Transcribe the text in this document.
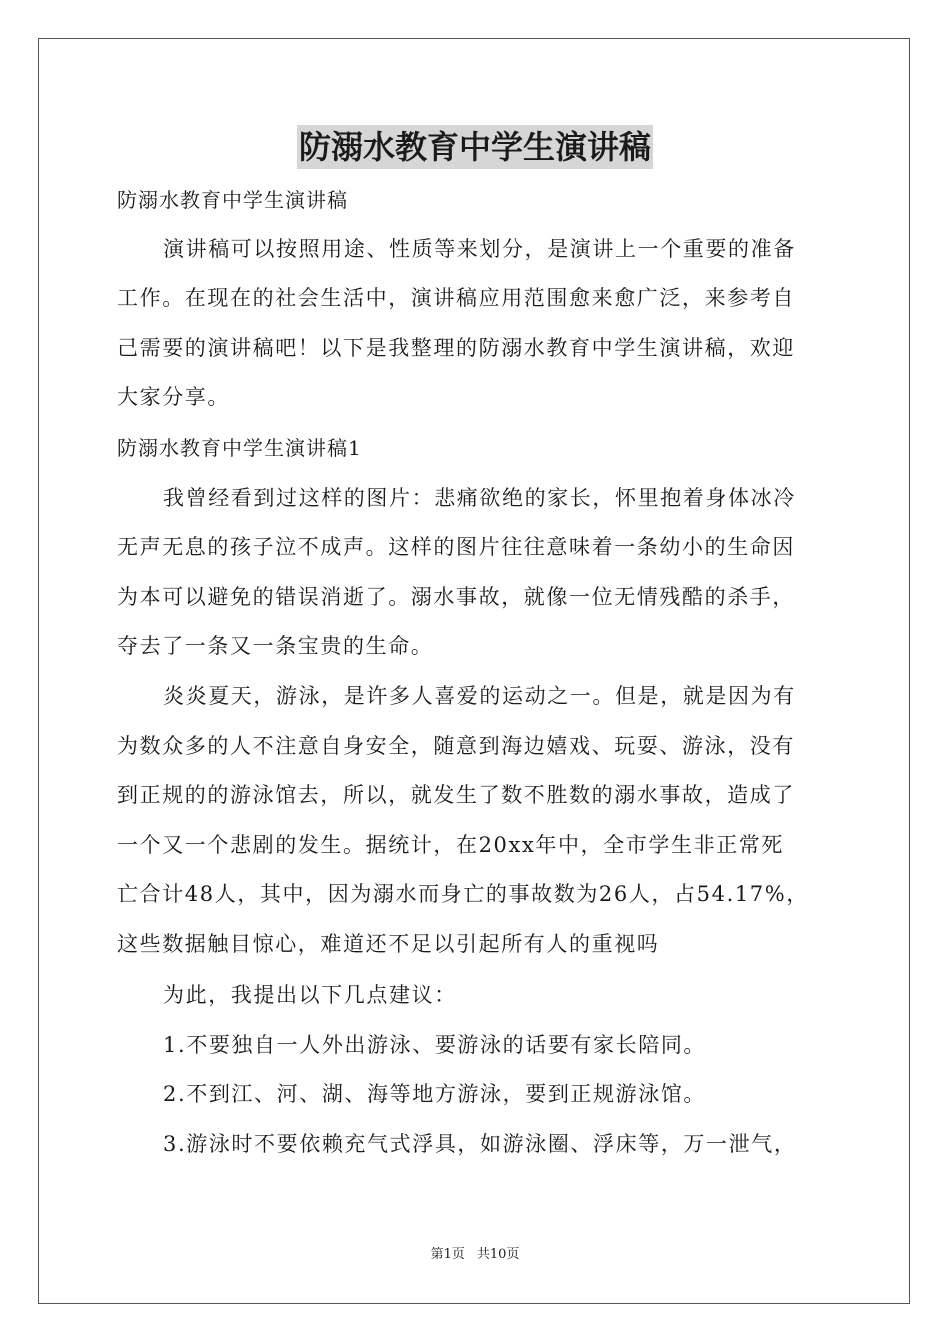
防溺水教育中学生演讲稿
防溺水教育中学生演讲稿
演讲稿可以按照用途、性质等来划分，是演讲上一个重要的准备
工作。在现在的社会生活中，演讲稿应用范围愈来愈广泛，来参考自
己需要的演讲稿吧！以下是我整理的防溺水教育中学生演讲稿，欢迎
大家分享。
防溺水教育中学生演讲稿1
我曾经看到过这样的图片：悲痛欲绝的家长，怀里抱着身体冰冷
无声无息的孩子泣不成声。这样的图片往往意味着一条幼小的生命因
为本可以避免的错误消逝了。溺水事故，就像一位无情残酷的杀手，
夺去了一条又一条宝贵的生命。
炎炎夏天，游泳，是许多人喜爱的运动之一。但是，就是因为有
为数众多的人不注意自身安全，随意到海边嬉戏、玩耍、游泳，没有
到正规的的游泳馆去，所以，就发生了数不胜数的溺水事故，造成了
一个又一个悲剧的发生。据统计，在20xx年中，全市学生非正常死
亡合计48人，其中，因为溺水而身亡的事故数为26人，占54.17%，
这些数据触目惊心，难道还不足以引起所有人的重视吗
为此，我提出以下几点建议：
1.不要独自一人外出游泳、要游泳的话要有家长陪同。
2.不到江、河、湖、海等地方游泳，要到正规游泳馆。
3.游泳时不要依赖充气式浮具，如游泳圈、浮床等，万一泄气，
第1页 共10页
